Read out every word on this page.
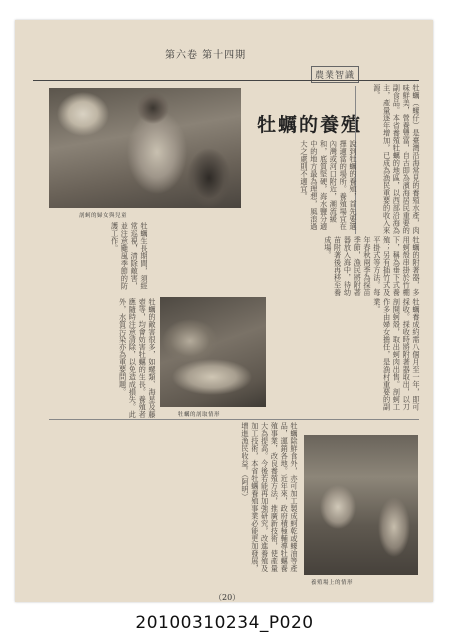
第六卷 第十四期
農業智識
剖蚵的婦女與兒童
牡蠣的養殖	牡蠣（蠔仔）是臺灣沿海常見的養殖水產，肉味鮮美，營養豐富，自古即為濱海居民重要的副食品。本省養殖牡蠣的地區，以西部沿海為主，產量逐年增加，已成為漁民重要的收入來源。
說到牡蠣的養殖，首先要選擇適當的場所。養殖場宜在內灣或河口附近，潮流緩和，底質堅硬，海水鹽分適中的地方最為理想，風浪過大之處則不適宜。
牡蠣的附著器，多用蚵殼串掛於竹棚下，稱為垂下式養殖；另有插竹式及平掛式等方法。每年春秋兩季為採苗季節，漁民將附著器放入海中，待幼苗附著後再移至養成場。
牡蠣生長期間，須經常巡視，清除敵害，並注意颱風季節的防護工作。
牡蠣的敵害很多，如螺類、海星及藤壺等，均會妨害牡蠣的生長。養殖者應隨時注意清除，以免造成損失。此外，水質污染亦為重要問題。
牡蠣的剖取情形
牡蠣養成約需八個月至一年，即可採收。採收時將附著器取出，以刀剖開蚵殼，取出蚵肉出售。剖蚵工作多由婦女擔任，是漁村重要的副業。
牡蠣除鮮食外，亦可加工製成蚵乾或蠔油等產品，運銷各地。近年來，政府積極輔導牡蠣養殖事業，改良養殖方法，推廣新技術，使產量大為提高。今後若能再加強研究，改進養殖及加工技術，本省牡蠣養殖事業必能更加發展，增進漁民收益。（阿明）
養殖場上的情形
（20）
20100310234_P020
